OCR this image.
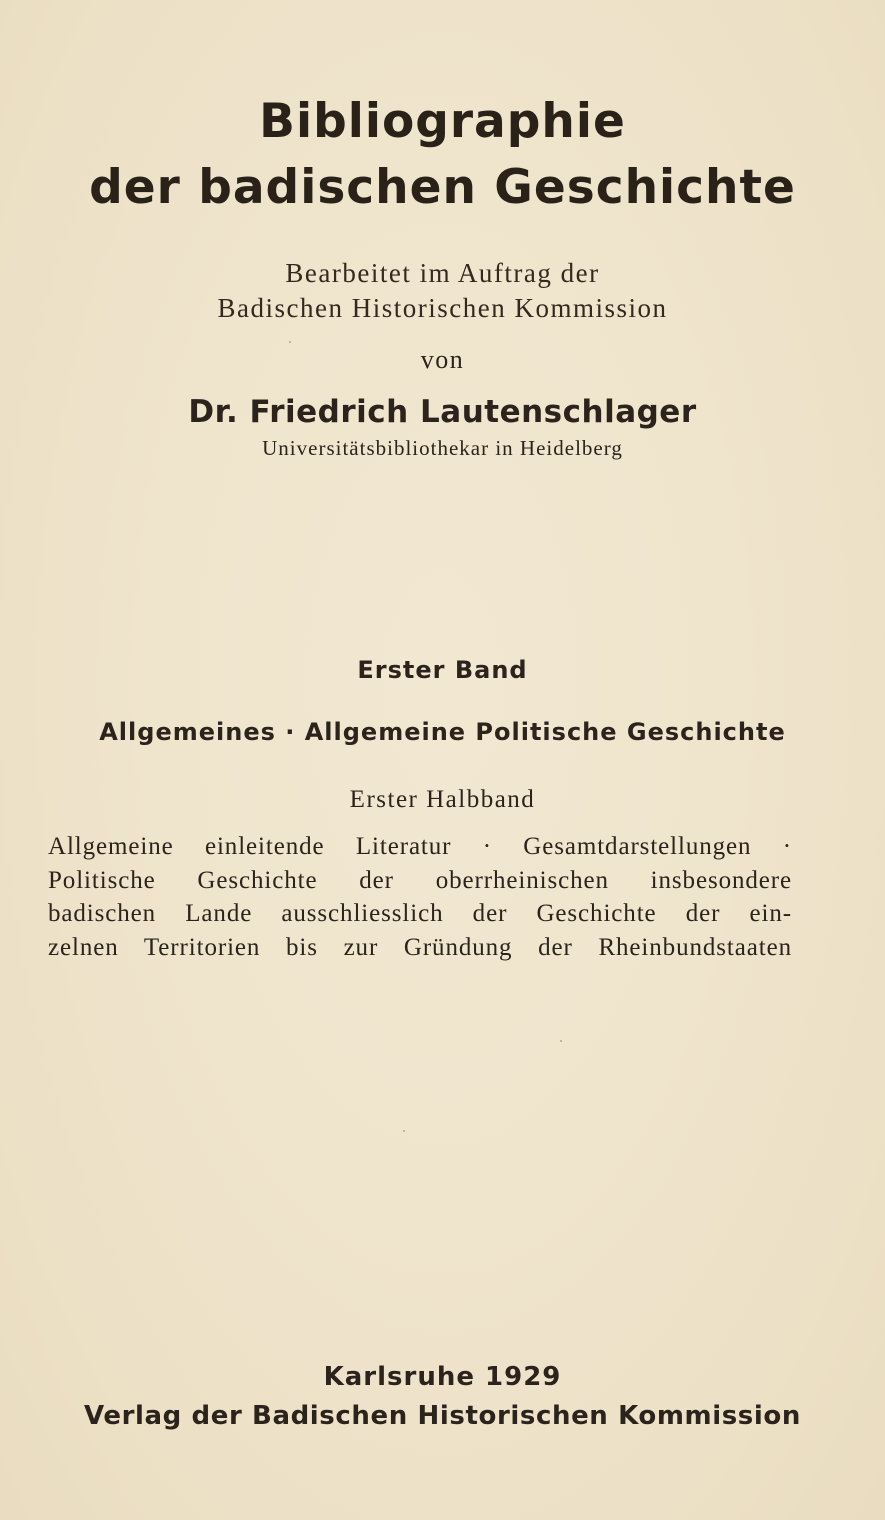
Bibliographie
der badischen Geschichte

Bearbeitet im Auftrag der

Badischen Historischen Kommission

von

Dr. Friedrich Lautenschlager

Universitätsbibliothekar in Heidelberg

Erster Band

Allgemeines · Allgemeine Politische Geschichte

Erster Halbband

Allgemeine einleitende Literatur · Gesamtdarstellungen ·
Politische Geschichte der oberrheinischen insbesondere
badischen Lande ausschliesslich der Geschichte der ein-
zelnen Territorien bis zur Gründung der Rheinbundstaaten

Karlsruhe 1929

Verlag der Badischen Historischen Kommission
